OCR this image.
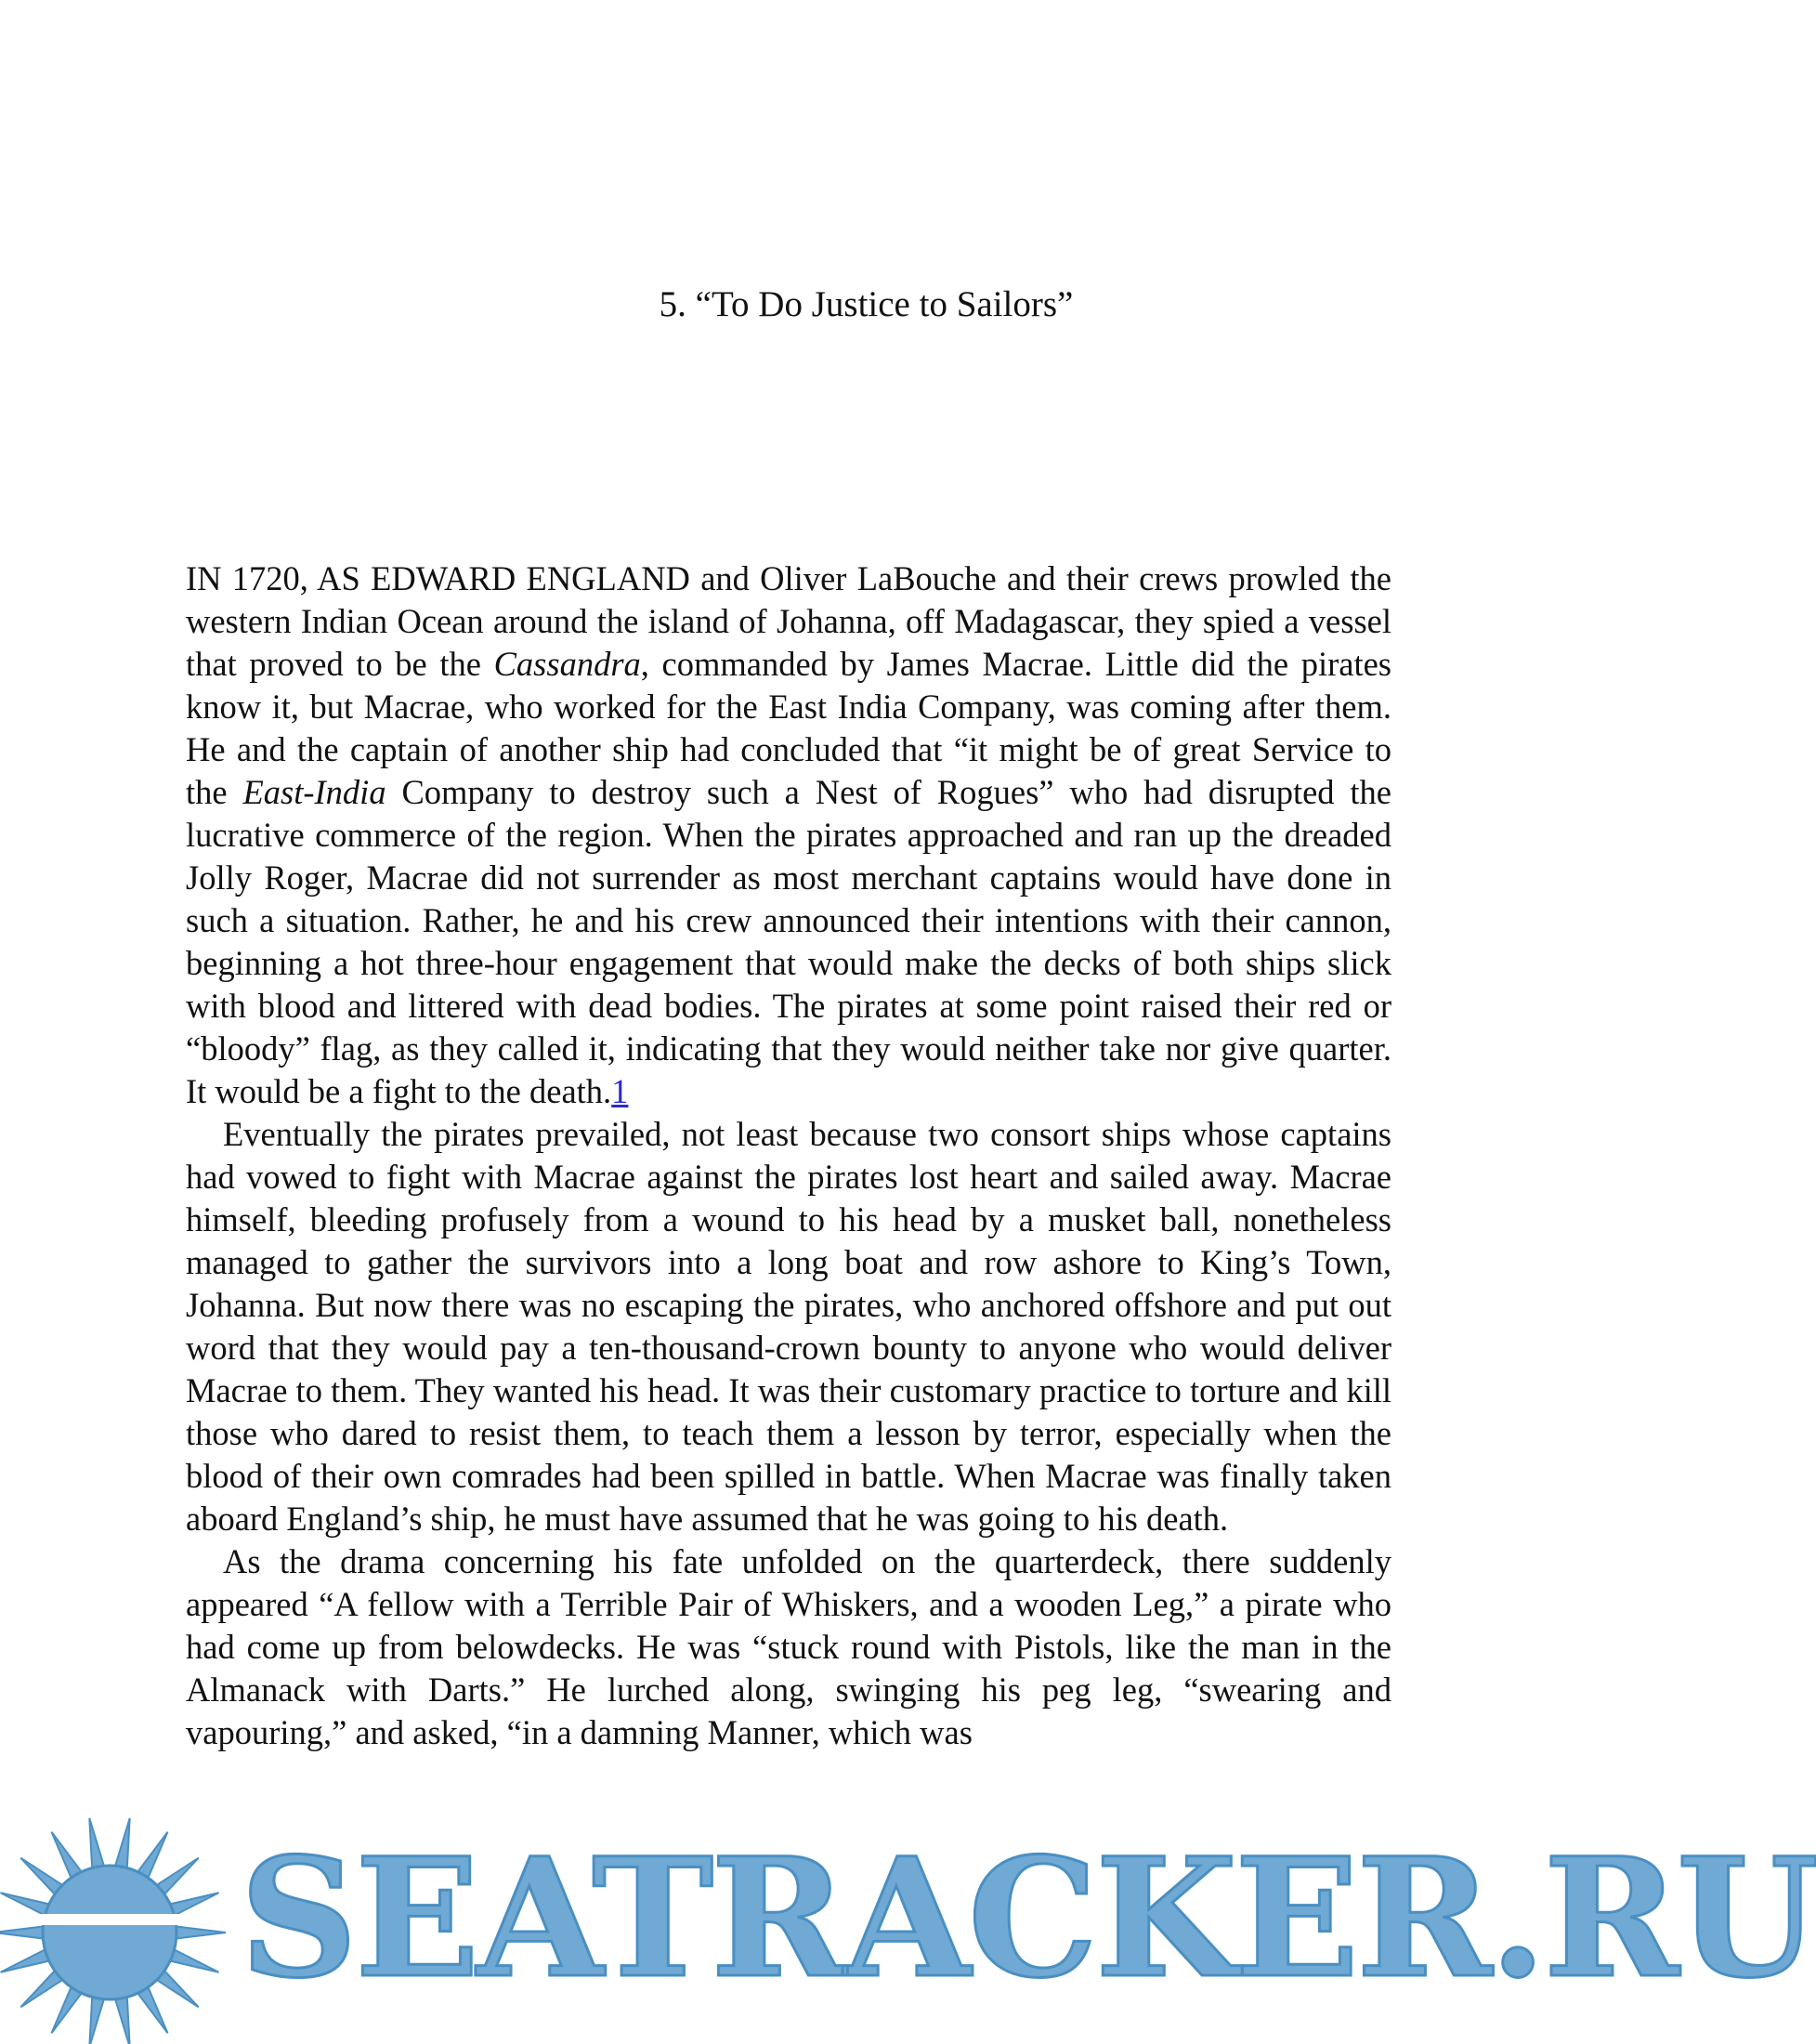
5. “To Do Justice to Sailors”

IN 1720, AS EDWARD ENGLAND and Oliver LaBouche and their crews prowled the western Indian Ocean around the island of Johanna, off Madagascar, they spied a vessel that proved to be the Cassandra, commanded by James Macrae. Little did the pirates know it, but Macrae, who worked for the East India Company, was coming after them. He and the captain of another ship had concluded that “it might be of great Service to the East-India Company to destroy such a Nest of Rogues” who had disrupted the lucrative commerce of the region. When the pirates approached and ran up the dreaded Jolly Roger, Macrae did not surrender as most merchant captains would have done in such a situation. Rather, he and his crew announced their intentions with their cannon, beginning a hot three-hour engagement that would make the decks of both ships slick with blood and littered with dead bodies. The pirates at some point raised their red or “bloody” flag, as they called it, indicating that they would neither take nor give quarter. It would be a fight to the death.1

Eventually the pirates prevailed, not least because two consort ships whose captains had vowed to fight with Macrae against the pirates lost heart and sailed away. Macrae himself, bleeding profusely from a wound to his head by a musket ball, nonetheless managed to gather the survivors into a long boat and row ashore to King’s Town, Johanna. But now there was no escaping the pirates, who anchored offshore and put out word that they would pay a ten-thousand-crown bounty to anyone who would deliver Macrae to them. They wanted his head. It was their customary practice to torture and kill those who dared to resist them, to teach them a lesson by terror, especially when the blood of their own comrades had been spilled in battle. When Macrae was finally taken aboard England’s ship, he must have assumed that he was going to his death.

As the drama concerning his fate unfolded on the quarterdeck, there suddenly appeared “A fellow with a Terrible Pair of Whiskers, and a wooden Leg,” a pirate who had come up from belowdecks. He was “stuck round with Pistols, like the man in the Almanack with Darts.” He lurched along, swinging his peg leg, “swearing and vapouring,” and asked, “in a damning Manner, which was

SEATRACKER.RU
